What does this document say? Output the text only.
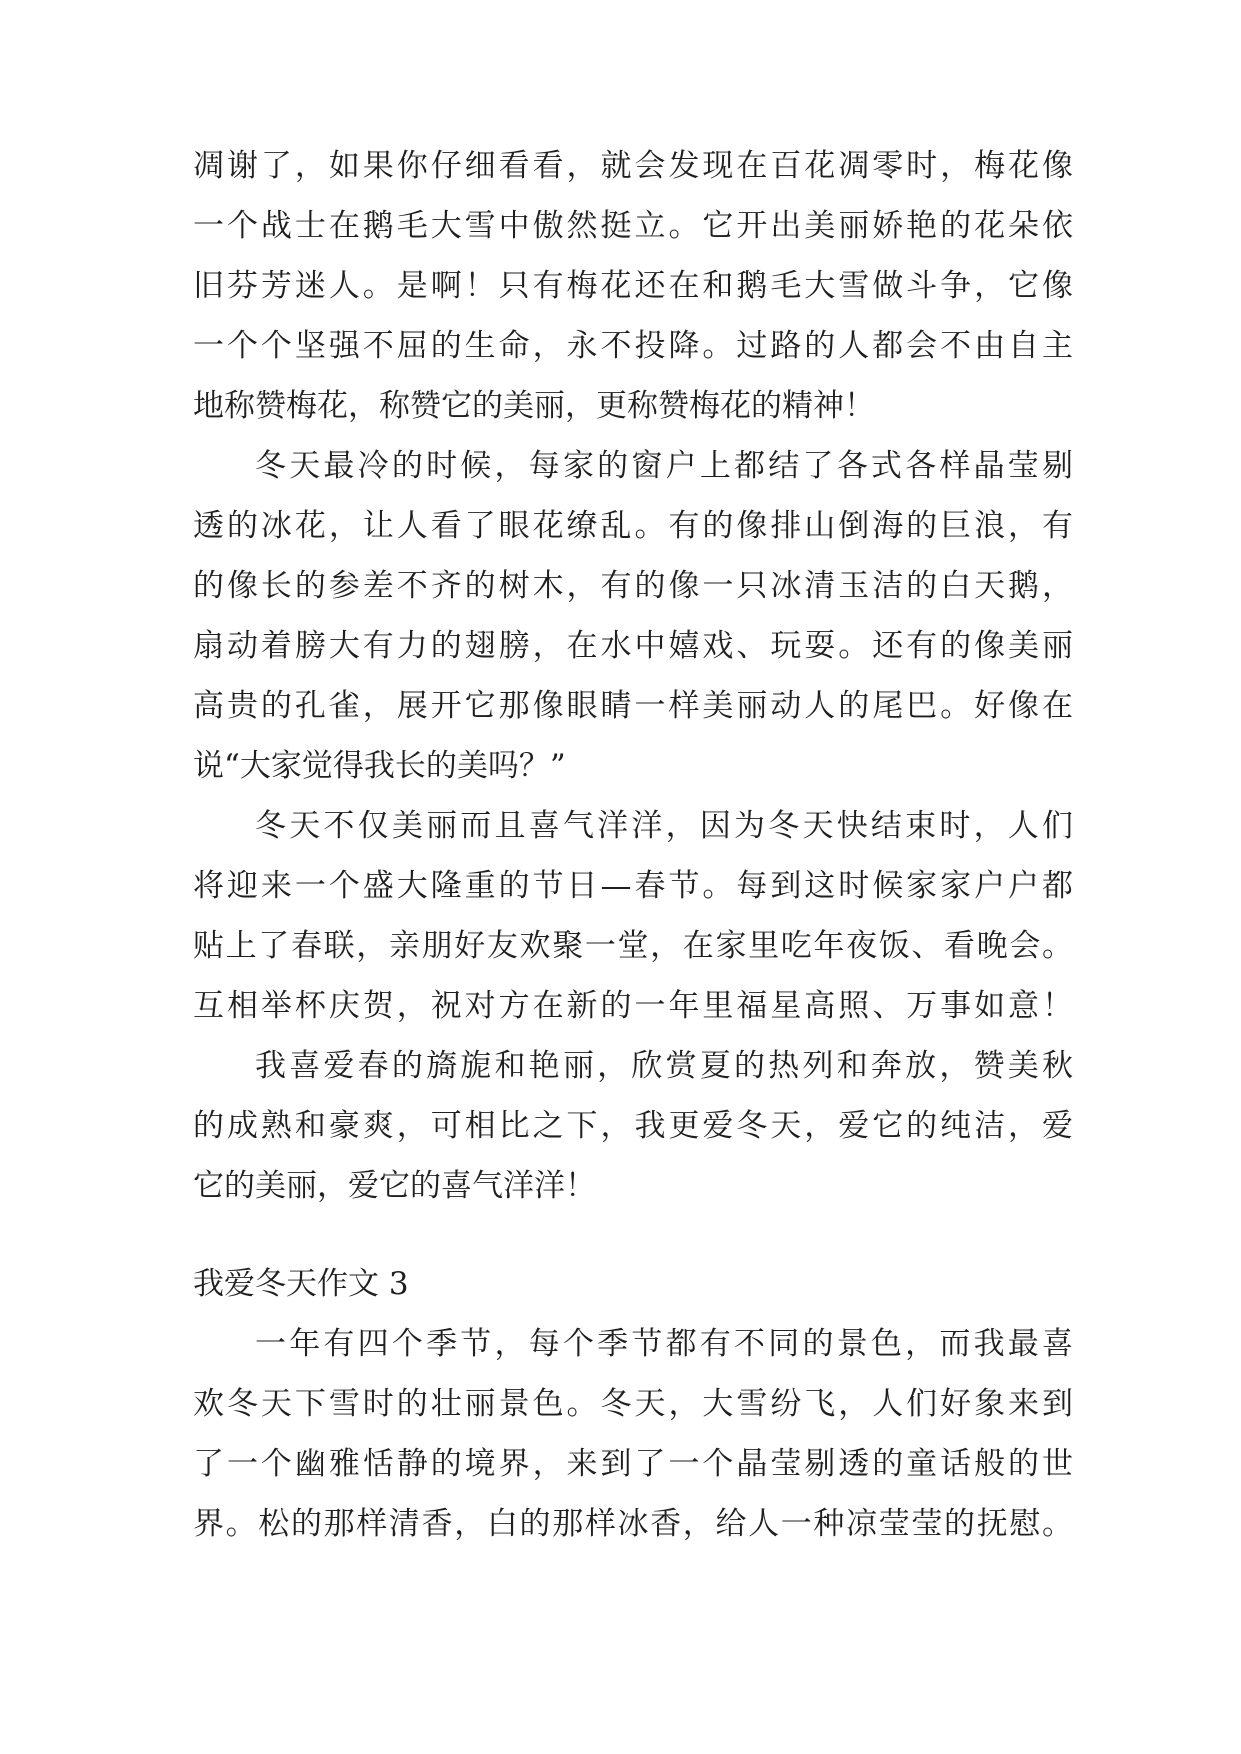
凋谢了，如果你仔细看看，就会发现在百花凋零时，梅花像
一个战士在鹅毛大雪中傲然挺立。它开出美丽娇艳的花朵依
旧芬芳迷人。是啊！只有梅花还在和鹅毛大雪做斗争，它像
一个个坚强不屈的生命，永不投降。过路的人都会不由自主
地称赞梅花，称赞它的美丽，更称赞梅花的精神！
冬天最冷的时候，每家的窗户上都结了各式各样晶莹剔
透的冰花，让人看了眼花缭乱。有的像排山倒海的巨浪，有
的像长的参差不齐的树木，有的像一只冰清玉洁的白天鹅，
扇动着膀大有力的翅膀，在水中嬉戏、玩耍。还有的像美丽
高贵的孔雀，展开它那像眼睛一样美丽动人的尾巴。好像在
说“大家觉得我长的美吗？”
冬天不仅美丽而且喜气洋洋，因为冬天快结束时，人们
将迎来一个盛大隆重的节日—春节。每到这时候家家户户都
贴上了春联，亲朋好友欢聚一堂，在家里吃年夜饭、看晚会。
互相举杯庆贺，祝对方在新的一年里福星高照、万事如意！
我喜爱春的旖旎和艳丽，欣赏夏的热列和奔放，赞美秋
的成熟和豪爽，可相比之下，我更爱冬天，爱它的纯洁，爱
它的美丽，爱它的喜气洋洋！
我爱冬天作文 3
一年有四个季节，每个季节都有不同的景色，而我最喜
欢冬天下雪时的壮丽景色。冬天，大雪纷飞，人们好象来到
了一个幽雅恬静的境界，来到了一个晶莹剔透的童话般的世
界。松的那样清香，白的那样冰香，给人一种凉莹莹的抚慰。
